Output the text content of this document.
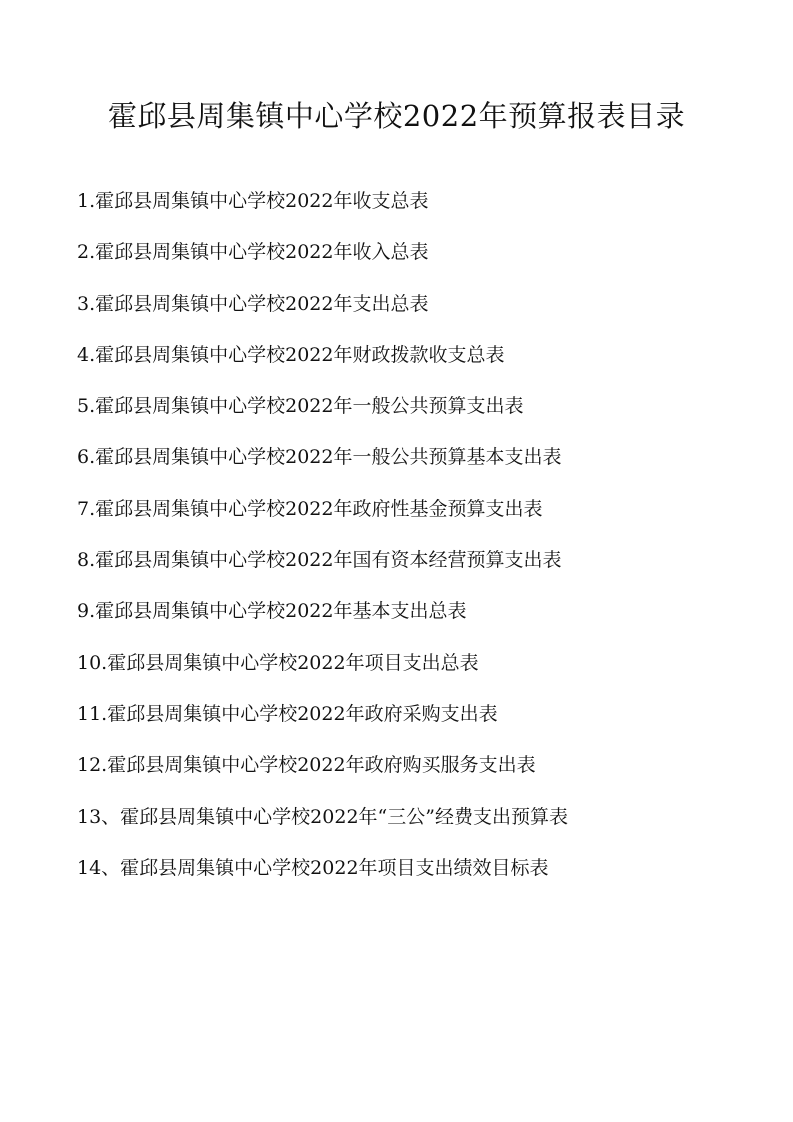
霍邱县周集镇中心学校2022年预算报表目录
1.霍邱县周集镇中心学校2022年收支总表
2.霍邱县周集镇中心学校2022年收入总表
3.霍邱县周集镇中心学校2022年支出总表
4.霍邱县周集镇中心学校2022年财政拨款收支总表
5.霍邱县周集镇中心学校2022年一般公共预算支出表
6.霍邱县周集镇中心学校2022年一般公共预算基本支出表
7.霍邱县周集镇中心学校2022年政府性基金预算支出表
8.霍邱县周集镇中心学校2022年国有资本经营预算支出表
9.霍邱县周集镇中心学校2022年基本支出总表
10.霍邱县周集镇中心学校2022年项目支出总表
11.霍邱县周集镇中心学校2022年政府采购支出表
12.霍邱县周集镇中心学校2022年政府购买服务支出表
13、霍邱县周集镇中心学校2022年“三公”经费支出预算表
14、霍邱县周集镇中心学校2022年项目支出绩效目标表
